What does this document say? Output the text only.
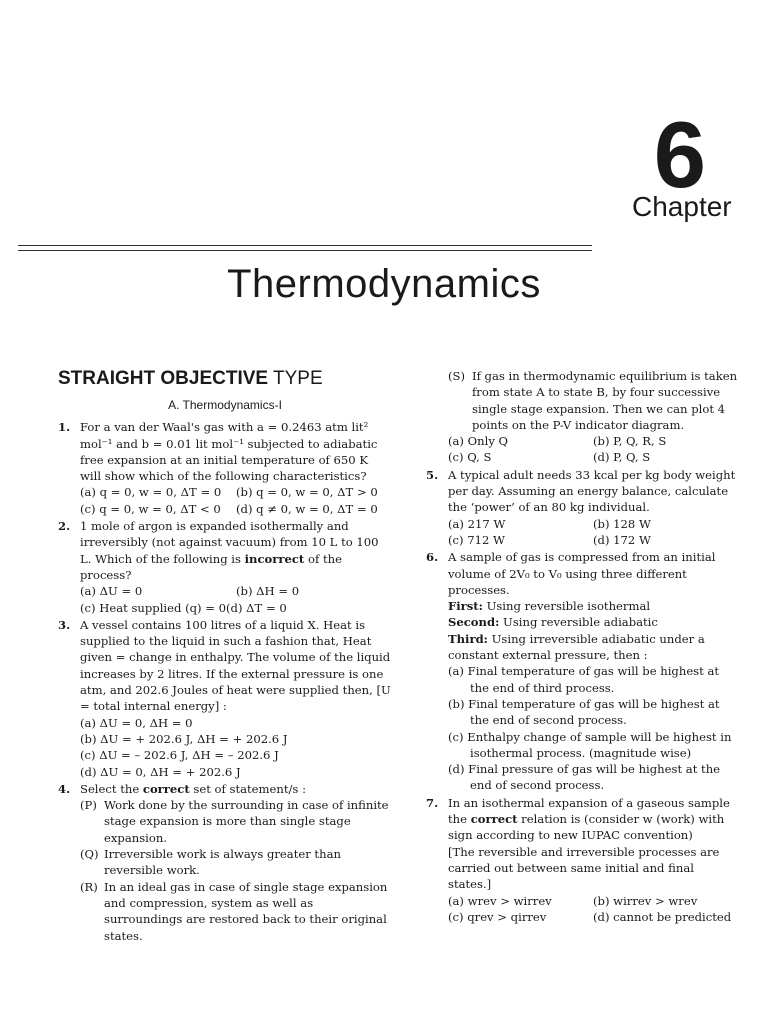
6
Chapter
Thermodynamics
STRAIGHT OBJECTIVE TYPE
A. Thermodynamics-I
1. For a van der Waal's gas with a = 0.2463 atm lit² mol⁻¹ and b = 0.01 lit mol⁻¹ subjected to adiabatic free expansion at an initial temperature of 650 K will show which of the following characteristics?
(a) q = 0, w = 0, ΔT = 0	(b) q = 0, w = 0, ΔT > 0
(c) q = 0, w = 0, ΔT < 0	(d) q ≠ 0, w = 0, ΔT = 0
2. 1 mole of argon is expanded isothermally and irreversibly (not against vacuum) from 10 L to 100 L. Which of the following is incorrect of the process?
(a) ΔU = 0	(b) ΔH = 0
(c) Heat supplied (q) = 0(d) ΔT = 0
3. A vessel contains 100 litres of a liquid X. Heat is supplied to the liquid in such a fashion that, Heat given = change in enthalpy. The volume of the liquid increases by 2 litres. If the external pressure is one atm, and 202.6 Joules of heat were supplied then, [U = total internal energy] :
(a) ΔU = 0, ΔH = 0
(b) ΔU = + 202.6 J, ΔH = + 202.6 J
(c) ΔU = – 202.6 J, ΔH = – 202.6 J
(d) ΔU = 0, ΔH = + 202.6 J
4. Select the correct set of statement/s :
(P) Work done by the surrounding in case of infinite stage expansion is more than single stage expansion.
(Q) Irreversible work is always greater than reversible work.
(R) In an ideal gas in case of single stage expansion and compression, system as well as surroundings are restored back to their original states.
(S) If gas in thermodynamic equilibrium is taken from state A to state B, by four successive single stage expansion. Then we can plot 4 points on the P-V indicator diagram.
(a) Only Q	(b) P, Q, R, S
(c) Q, S	(d) P, Q, S
5. A typical adult needs 33 kcal per kg body weight per day. Assuming an energy balance, calculate the ‘power’ of an 80 kg individual.
(a) 217 W	(b) 128 W
(c) 712 W	(d) 172 W
6. A sample of gas is compressed from an initial volume of 2V₀ to V₀ using three different processes.
First: Using reversible isothermal
Second: Using reversible adiabatic
Third: Using irreversible adiabatic under a constant external pressure, then :
(a) Final temperature of gas will be highest at the end of third process.
(b) Final temperature of gas will be highest at the end of second process.
(c) Enthalpy change of sample will be highest in isothermal process. (magnitude wise)
(d) Final pressure of gas will be highest at the end of second process.
7. In an isothermal expansion of a gaseous sample the correct relation is (consider w (work) with sign according to new IUPAC convention)
[The reversible and irreversible processes are carried out between same initial and final states.]
(a) wrev > wirrev	(b) wirrev > wrev
(c) qrev > qirrev	(d) cannot be predicted
